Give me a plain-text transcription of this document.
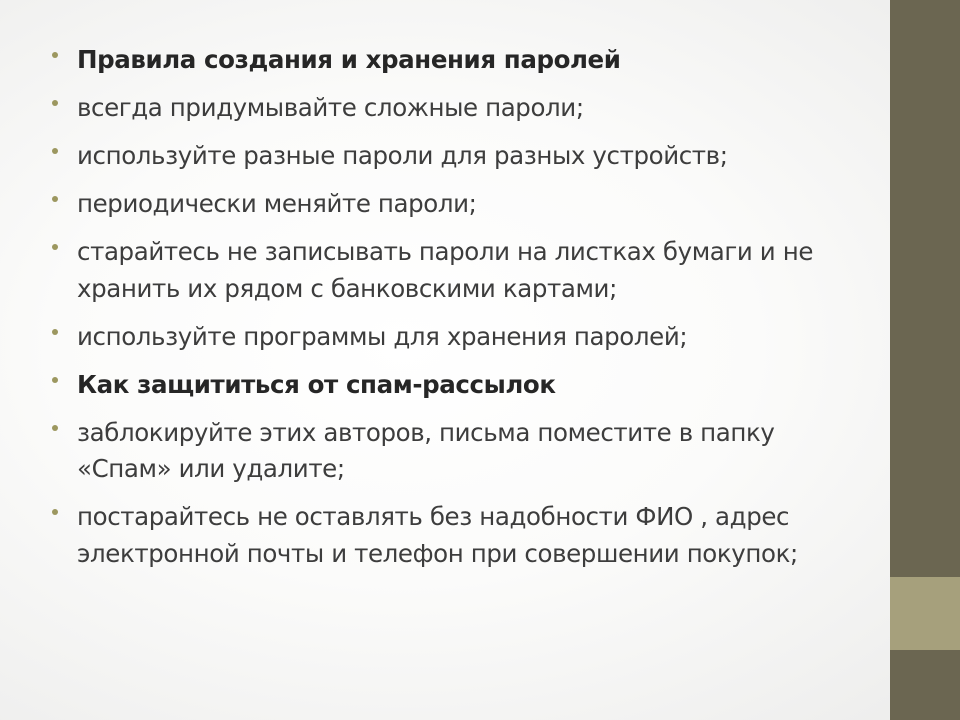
Правила создания и хранения паролей
всегда придумывайте сложные пароли;
используйте разные пароли для разных устройств;
периодически меняйте пароли;
старайтесь не записывать пароли на листках бумаги и не хранить их рядом с банковскими картами;
используйте программы для хранения паролей;
Как защититься от спам-рассылок
заблокируйте этих авторов, письма поместите в папку «Спам» или удалите;
постарайтесь не оставлять без надобности ФИО , адрес электронной почты и телефон при совершении покупок;
